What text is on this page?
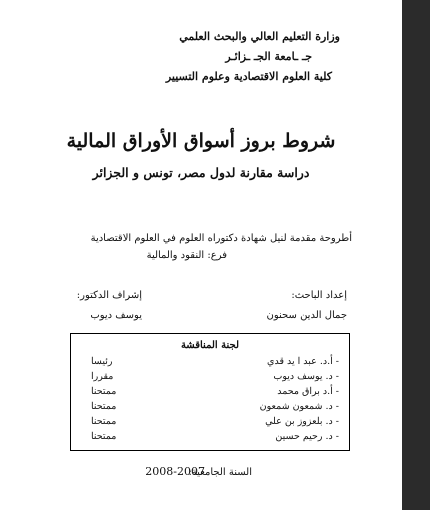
وزارة التعليم العالي والبحث العلمي
جـ ـامعة الجـ ـزائـر
كلية العلوم الاقتصادية وعلوم التسيير
شروط بروز أسواق الأوراق المالية
دراسة مقارنة لدول مصر، تونس و الجزائر
أطروحة مقدمة لنيل شهادة دكتوراه العلوم في العلوم الاقتصادية
فرع: النقود والمالية
إعداد الباحث:
جمال الدين سحنون
إشراف الدكتور:
يوسف ديوب
لجنة المناقشة
- أ.د. عبد ا يد قدي
رئيسا
- د. يوسف ديوب
مقررا
- أ.د براق محمد
ممتحنا
- د. شمعون شمعون
ممتحنا
- د. بلعزوز بن علي
ممتحنا
- د. رحيم حسين
ممتحنا
السنة الجامعية:
2008-2007
